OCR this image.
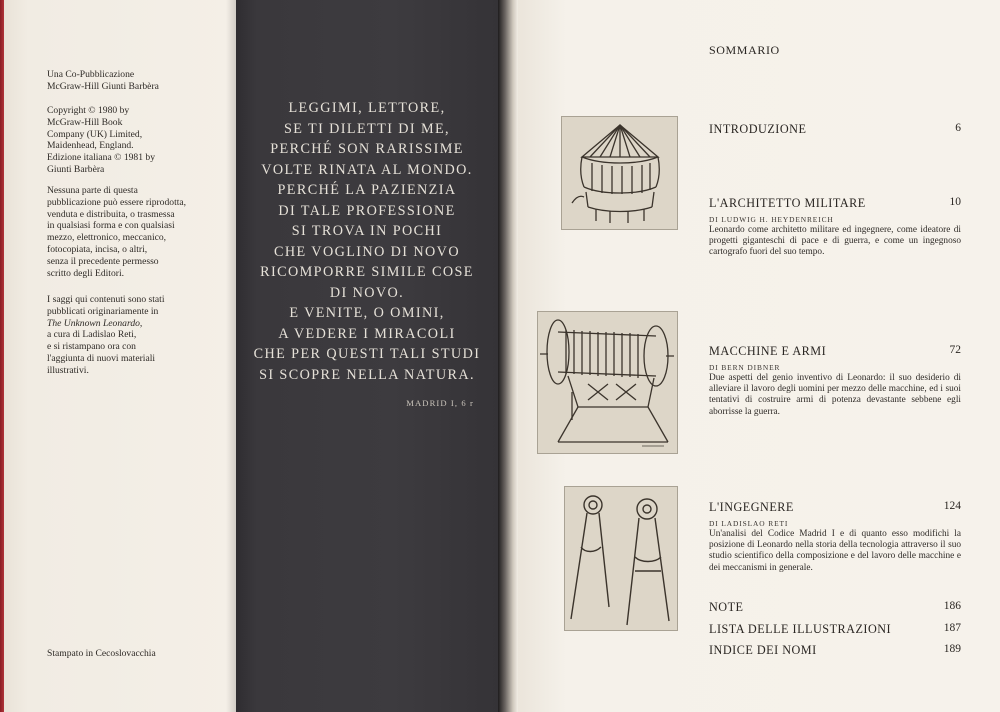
Una Co-Pubblicazione

McGraw-Hill Giunti Barbèra

Copyright © 1980 by

McGraw-Hill Book

Company (UK) Limited,

Maidenhead, England.

Edizione italiana © 1981 by

Giunti Barbèra

Nessuna parte di questa

pubblicazione può essere riprodotta,

venduta e distribuita, o trasmessa

in qualsiasi forma e con qualsiasi

mezzo, elettronico, meccanico,

fotocopiata, incisa, o altri,

senza il precedente permesso

scritto degli Editori.

I saggi qui contenuti sono stati

pubblicati originariamente in

The Unknown Leonardo,

a cura di Ladislao Reti,

e si ristampano ora con

l'aggiunta di nuovi materiali

illustrativi.

Stampato in Cecoslovacchia

LEGGIMI, LETTORE,
SE TI DILETTI DI ME,
PERCHÉ SON RARISSIME
VOLTE RINATA AL MONDO.
PERCHÉ LA PAZIENZIA
DI TALE PROFESSIONE
SI TROVA IN POCHI
CHE VOGLINO DI NOVO
RICOMPORRE SIMILE COSE
DI NOVO.
E VENITE, O OMINI,
A VEDERE I MIRACOLI
CHE PER QUESTI TALI STUDI
SI SCOPRE NELLA NATURA.
MADRID I, 6 r
SOMMARIO
INTRODUZIONE	6
L'ARCHITETTO MILITARE	10
DI LUDWIG H. HEYDENREICH
Leonardo come architetto militare ed ingegnere, come ideatore di progetti giganteschi di pace e di guerra, e come un ingegnoso cartografo fuori del suo tempo.
MACCHINE E ARMI	72
DI BERN DIBNER
Due aspetti del genio inventivo di Leonardo: il suo desiderio di alleviare il lavoro degli uomini per mezzo delle macchine, ed i suoi tentativi di costruire armi di potenza devastante sebbene egli aborrisse la guerra.
L'INGEGNERE	124
DI LADISLAO RETI
Un'analisi del Codice Madrid I e di quanto esso modifichi la posizione di Leonardo nella storia della tecnologia attraverso il suo studio scientifico della composizione e del lavoro delle macchine e dei meccanismi in generale.
NOTE	186
LISTA DELLE ILLUSTRAZIONI	187
INDICE DEI NOMI	189
